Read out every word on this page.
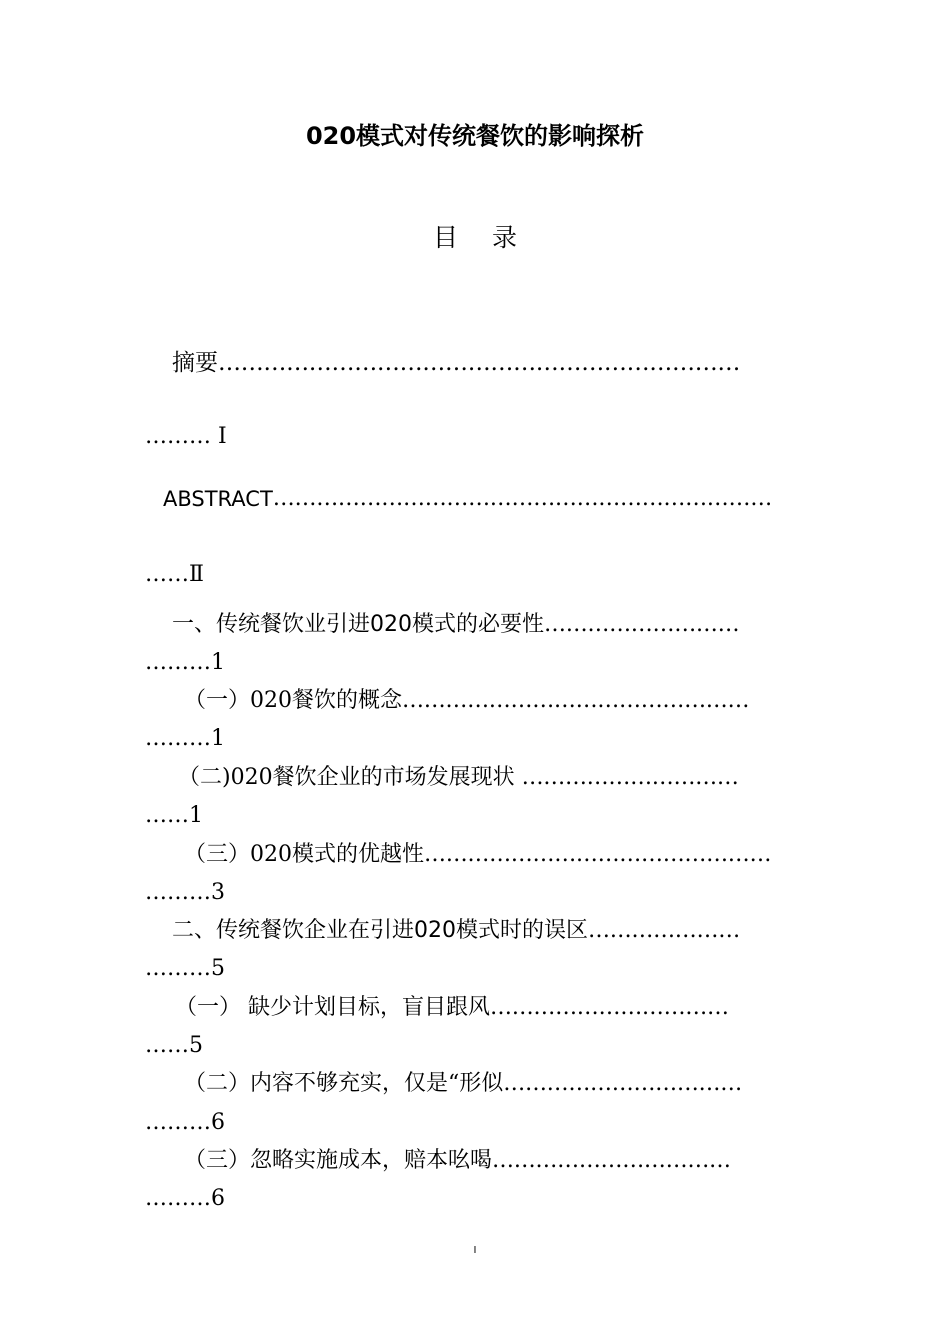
020模式对传统餐饮的影响探析
目 录
摘要……………………………………………………………
……… Ⅰ
ABSTRACT……………………………………………………………
……Ⅱ
一、传统餐饮业引进020模式的必要性………………………
………1
（一）020餐饮的概念…………………………………………
………1
（二)020餐饮企业的市场发展现状 …………………………
……1
（三）020模式的优越性…………………………………………
………3
二、传统餐饮企业在引进020模式时的误区…………………
………5
（一） 缺少计划目标，盲目跟风……………………………
……5
（二）内容不够充实，仅是“形似……………………………
………6
（三）忽略实施成本，赔本吆喝……………………………
………6
I
